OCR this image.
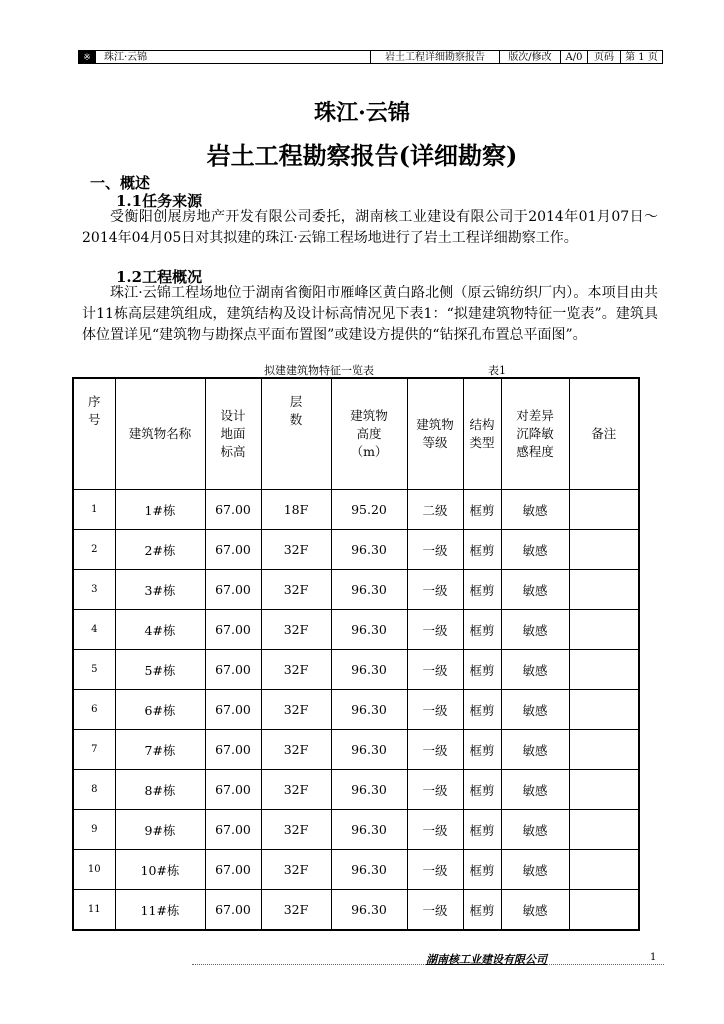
※	珠江·云锦	岩土工程详细勘察报告	版次/修改	A/0	页码	第 1 页
珠江·云锦
岩土工程勘察报告(详细勘察)
一、概述
1.1任务来源
受衡阳创展房地产开发有限公司委托，湖南核工业建设有限公司于2014年01月07日～2014年04月05日对其拟建的珠江·云锦工程场地进行了岩土工程详细勘察工作。
1.2工程概况
珠江·云锦工程场地位于湖南省衡阳市雁峰区黄白路北侧（原云锦纺织厂内）。本项目由共计11栋高层建筑组成，建筑结构及设计标高情况见下表1：“拟建建筑物特征一览表”。建筑具体位置详见“建筑物与勘探点平面布置图”或建设方提供的“钻探孔布置总平面图”。
拟建建筑物特征一览表	表1
序号	建筑物名称	设计地面标高	层数	建筑物高度（m）	建筑物等级	结构类型	对差异沉降敏感程度	备注
1	1#栋	67.00	18F	95.20	二级	框剪	敏感	
2	2#栋	67.00	32F	96.30	一级	框剪	敏感	
3	3#栋	67.00	32F	96.30	一级	框剪	敏感	
4	4#栋	67.00	32F	96.30	一级	框剪	敏感	
5	5#栋	67.00	32F	96.30	一级	框剪	敏感	
6	6#栋	67.00	32F	96.30	一级	框剪	敏感	
7	7#栋	67.00	32F	96.30	一级	框剪	敏感	
8	8#栋	67.00	32F	96.30	一级	框剪	敏感	
9	9#栋	67.00	32F	96.30	一级	框剪	敏感	
10	10#栋	67.00	32F	96.30	一级	框剪	敏感	
11	11#栋	67.00	32F	96.30	一级	框剪	敏感	
湖南核工业建设有限公司	1
